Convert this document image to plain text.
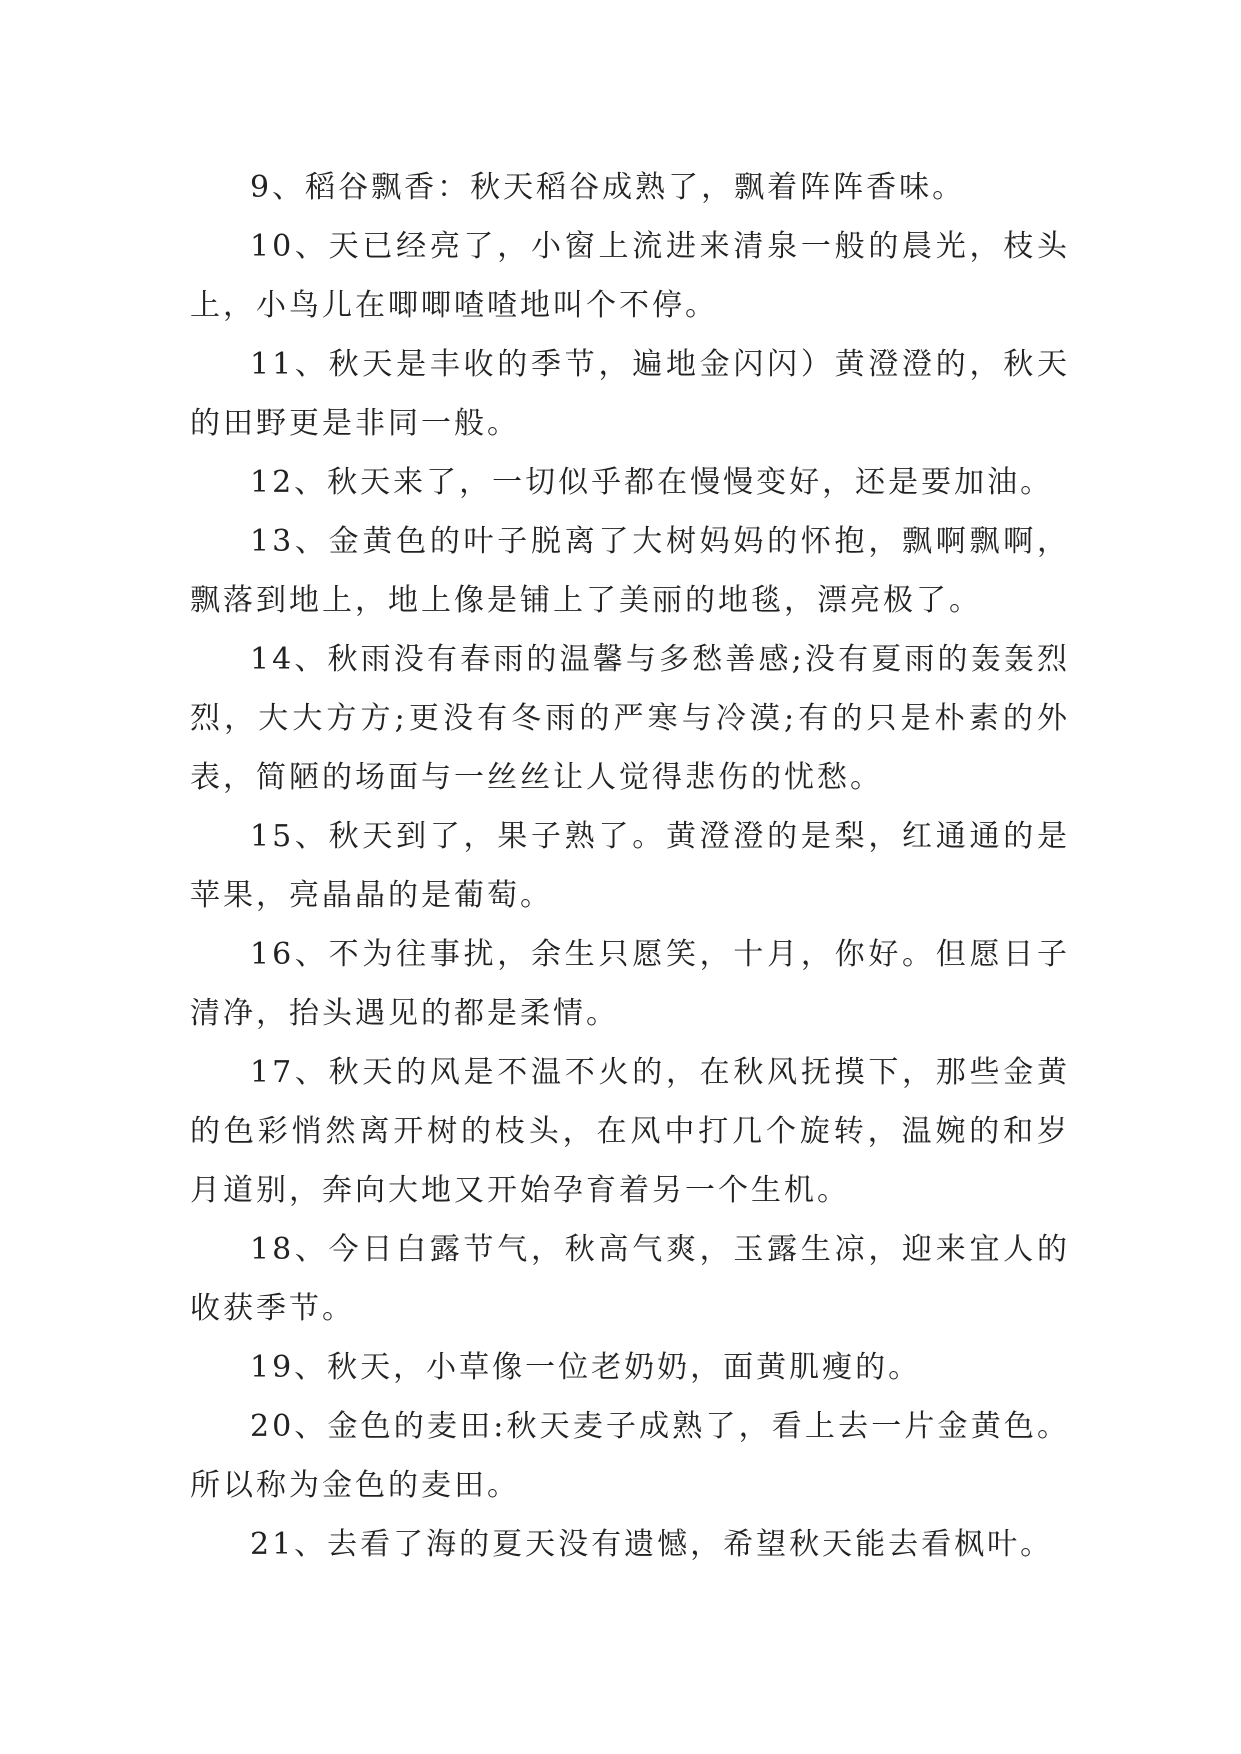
9、稻谷飘香：秋天稻谷成熟了，飘着阵阵香味。

10、天已经亮了，小窗上流进来清泉一般的晨光，枝头上，小鸟儿在唧唧喳喳地叫个不停。

11、秋天是丰收的季节，遍地金闪闪）黄澄澄的，秋天的田野更是非同一般。

12、秋天来了，一切似乎都在慢慢变好，还是要加油。

13、金黄色的叶子脱离了大树妈妈的怀抱，飘啊飘啊，飘落到地上，地上像是铺上了美丽的地毯，漂亮极了。

14、秋雨没有春雨的温馨与多愁善感;没有夏雨的轰轰烈烈，大大方方;更没有冬雨的严寒与冷漠;有的只是朴素的外表，简陋的场面与一丝丝让人觉得悲伤的忧愁。

15、秋天到了，果子熟了。黄澄澄的是梨，红通通的是苹果，亮晶晶的是葡萄。

16、不为往事扰，余生只愿笑，十月，你好。但愿日子清净，抬头遇见的都是柔情。

17、秋天的风是不温不火的，在秋风抚摸下，那些金黄的色彩悄然离开树的枝头，在风中打几个旋转，温婉的和岁月道别，奔向大地又开始孕育着另一个生机。

18、今日白露节气，秋高气爽，玉露生凉，迎来宜人的收获季节。

19、秋天，小草像一位老奶奶，面黄肌瘦的。

20、金色的麦田:秋天麦子成熟了，看上去一片金黄色。所以称为金色的麦田。

21、去看了海的夏天没有遗憾，希望秋天能去看枫叶。
